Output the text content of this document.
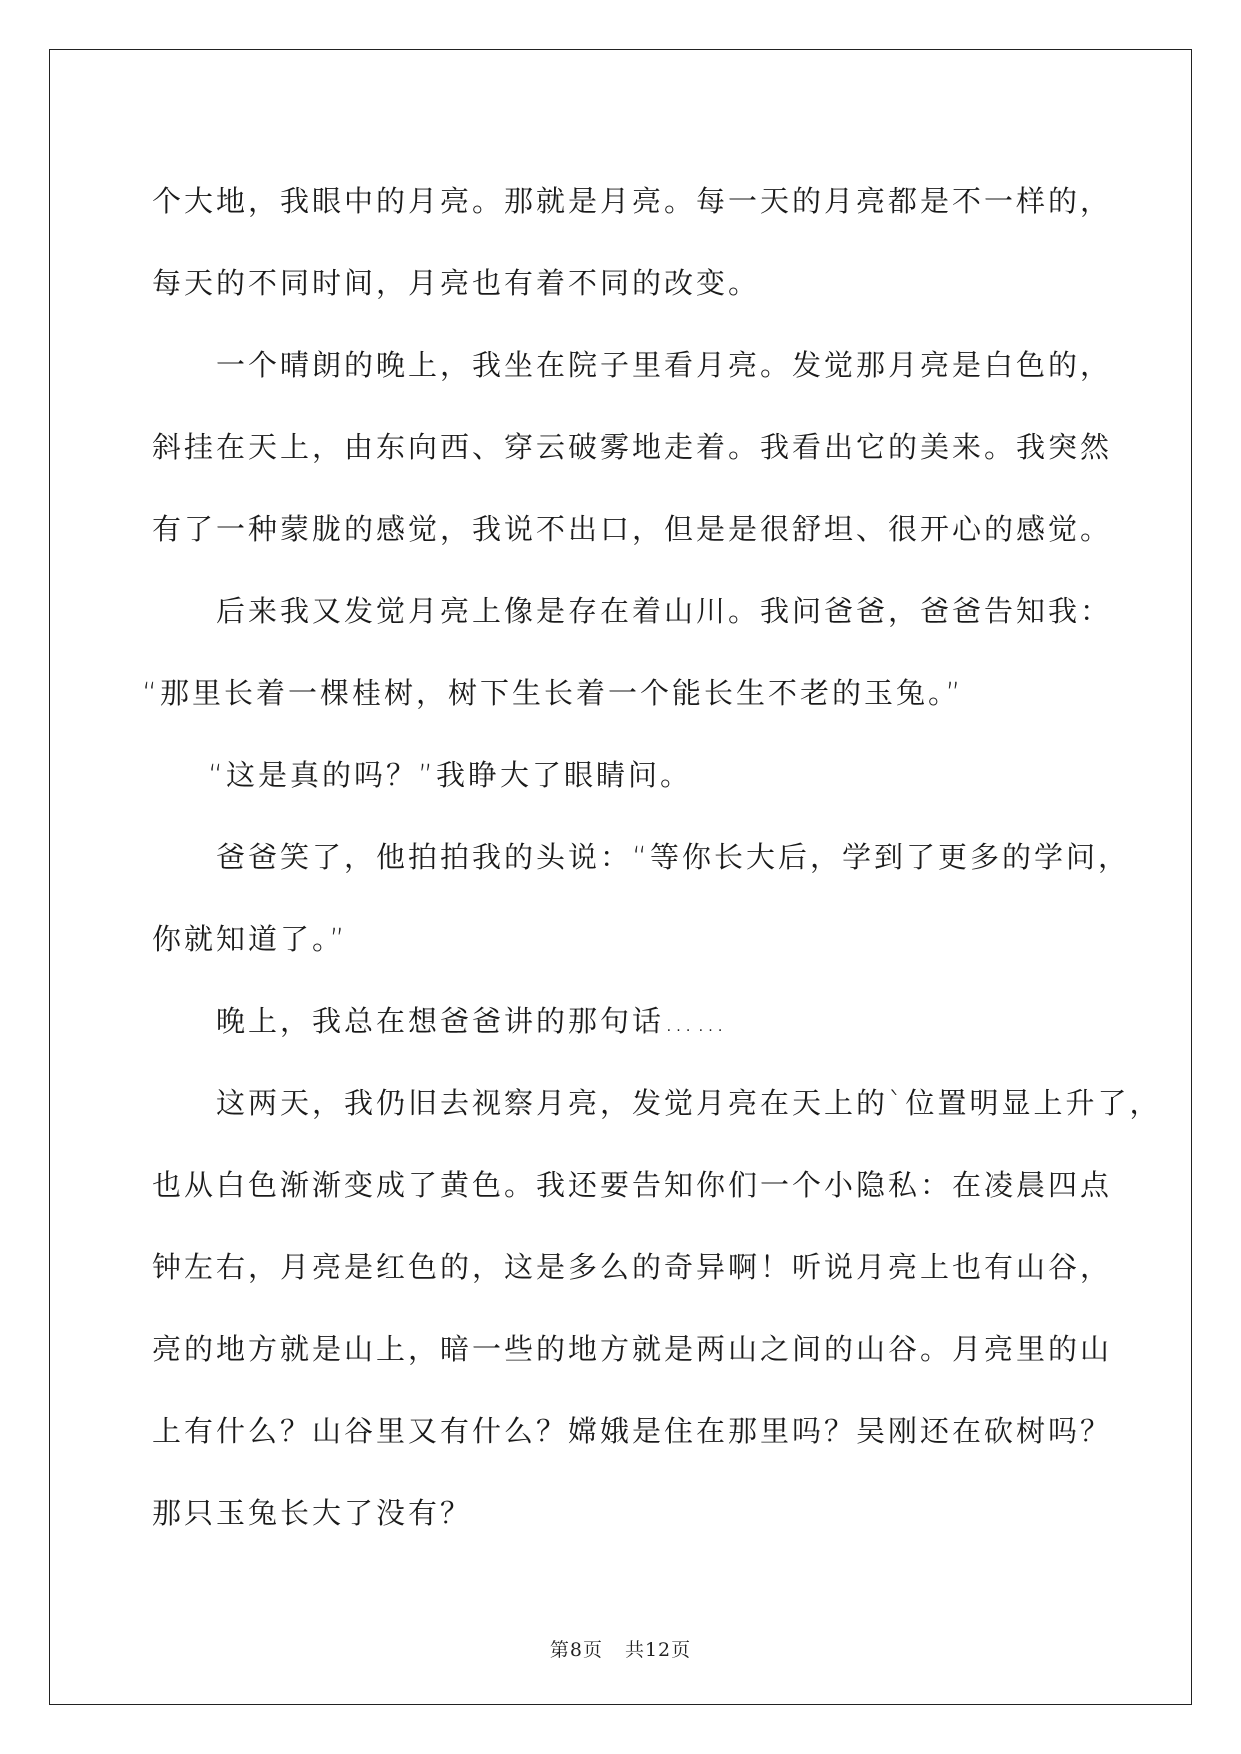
个大地，我眼中的月亮。那就是月亮。每一天的月亮都是不一样的，
每天的不同时间，月亮也有着不同的改变。
一个晴朗的晚上，我坐在院子里看月亮。发觉那月亮是白色的，
斜挂在天上，由东向西、穿云破雾地走着。我看出它的美来。我突然
有了一种蒙胧的感觉，我说不出口，但是是很舒坦、很开心的感觉。
后来我又发觉月亮上像是存在着山川。我问爸爸，爸爸告知我：
“那里长着一棵桂树，树下生长着一个能长生不老的玉兔。”
“这是真的吗？”我睁大了眼睛问。
爸爸笑了，他拍拍我的头说：“等你长大后，学到了更多的学问，
你就知道了。”
晚上，我总在想爸爸讲的那句话……
这两天，我仍旧去视察月亮，发觉月亮在天上的`位置明显上升了，
也从白色渐渐变成了黄色。我还要告知你们一个小隐私：在凌晨四点
钟左右，月亮是红色的，这是多么的奇异啊！听说月亮上也有山谷，
亮的地方就是山上，暗一些的地方就是两山之间的山谷。月亮里的山
上有什么？山谷里又有什么？嫦娥是住在那里吗？吴刚还在砍树吗？
那只玉兔长大了没有？
第8页 共12页
